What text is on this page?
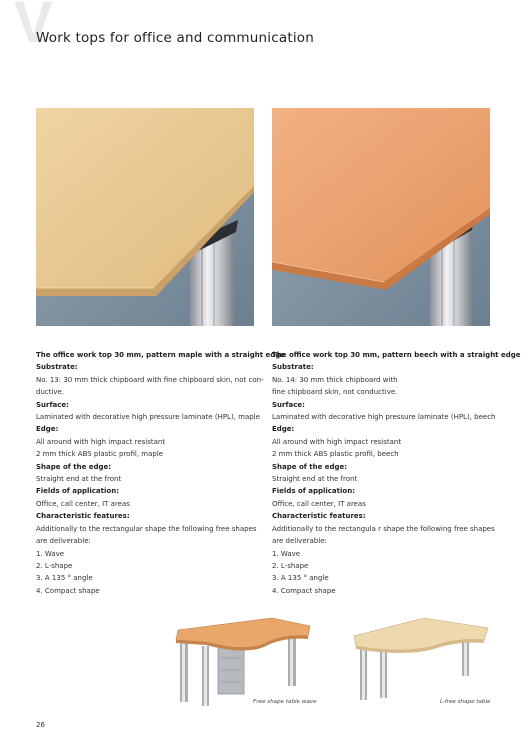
V
Work tops for office and communication
The office work top 30 mm, pattern maple with a straight edge
Substrate:
No. 13: 30 mm thick chipboard with fine chipboard skin, not con-
ductive.
Surface:
Laminated with decorative high pressure laminate (HPL), maple
Edge:
All around with high impact resistant
2 mm thick ABS plastic profil, maple
Shape of the edge:
Straight end at the front
Fields of application:
Office, call center, IT areas
Characteristic features:
Additionally to the rectangular shape the following free shapes
are deliverable:
1. Wave
2. L-shape
3. A 135 ° angle
4. Compact shape
The office work top 30 mm, pattern beech with a straight edge
Substrate:
No. 14: 30 mm thick chipboard with
fine chipboard skin, not conductive.
Surface:
Laminated with decorative high pressure laminate (HPL), beech
Edge:
All around with high impact resistant
2 mm thick ABS plastic profil, beech
Shape of the edge:
Straight end at the front
Fields of application:
Office, call center, IT areas
Characteristic features:
Additionally to the rectangula r shape the following free shapes
are deliverable:
1. Wave
2. L-shape
3. A 135 ° angle
4. Compact shape
Free shape table wave	L-free shape table
26
